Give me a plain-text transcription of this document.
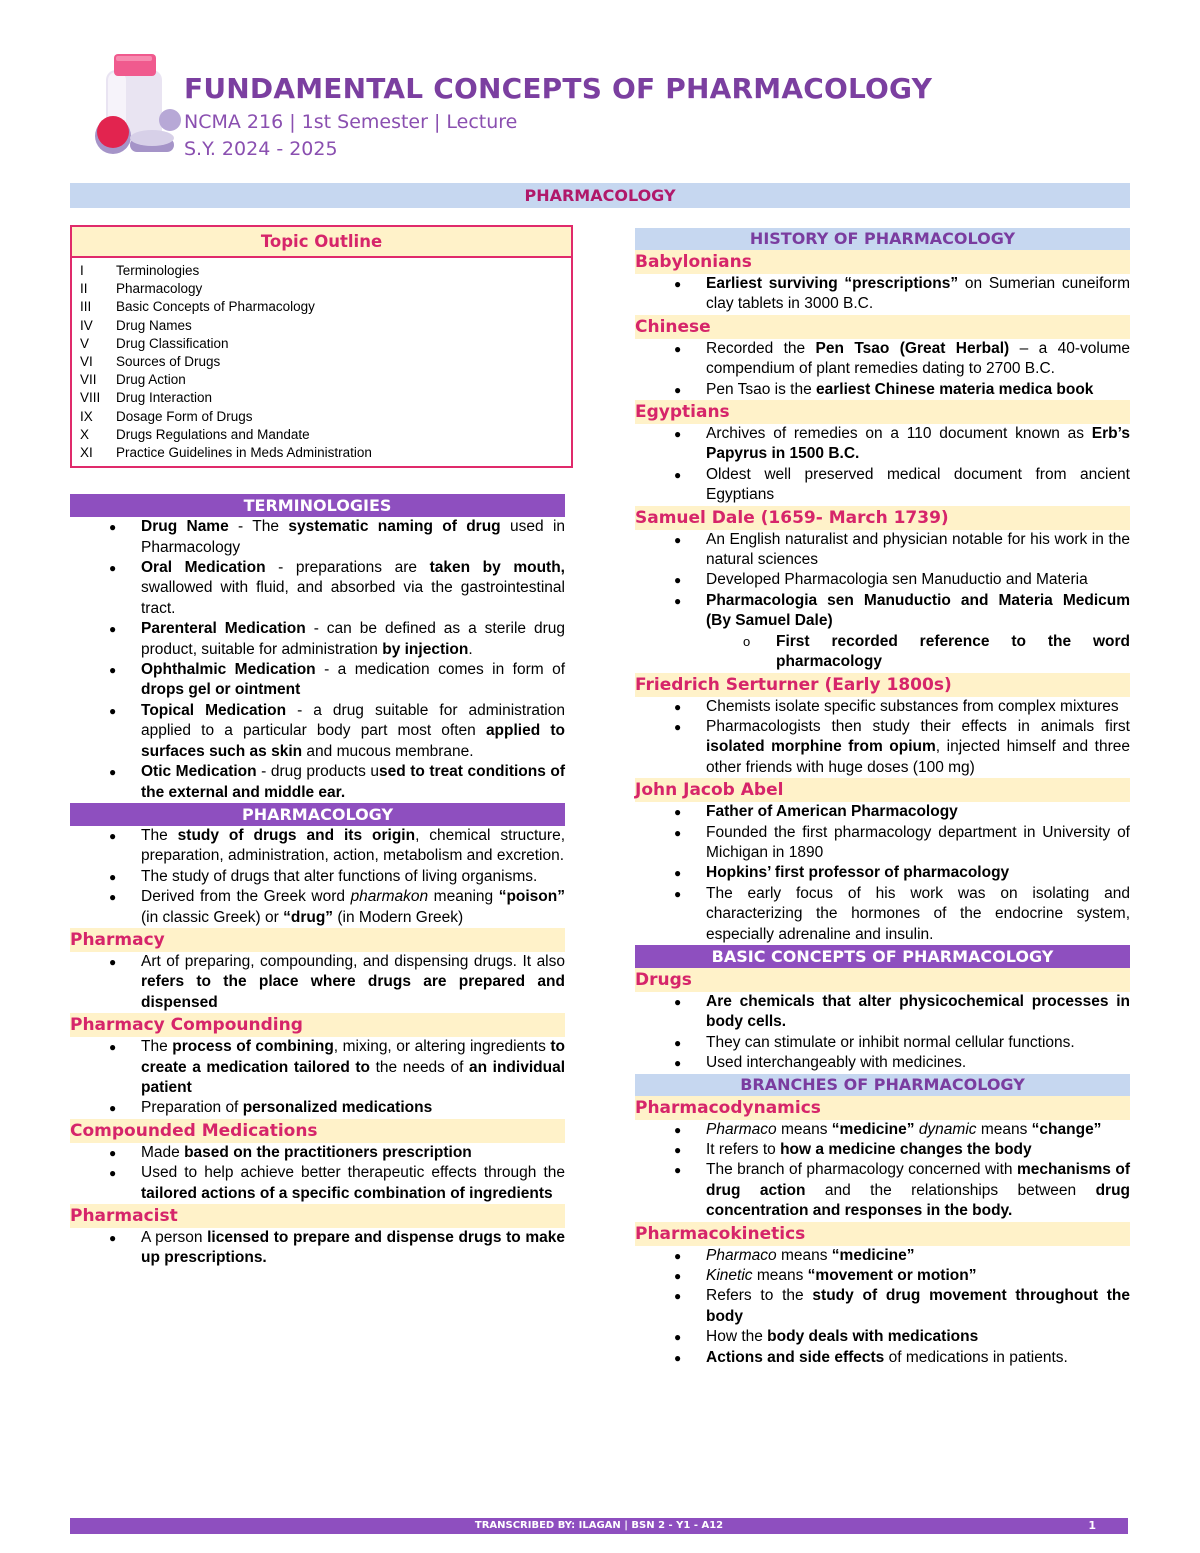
FUNDAMENTAL CONCEPTS OF PHARMACOLOGY
NCMA 216 | 1st Semester | Lecture
S.Y. 2024 - 2025
PHARMACOLOGY
Topic Outline
I	Terminologies
II	Pharmacology
III	Basic Concepts of Pharmacology
IV	Drug Names
V	Drug Classification
VI	Sources of Drugs
VII	Drug Action
VIII	Drug Interaction
IX	Dosage Form of Drugs
X	Drugs Regulations and Mandate
XI	Practice Guidelines in Meds Administration
TERMINOLOGIES
● Drug Name - The systematic naming of drug used in Pharmacology
● Oral Medication - preparations are taken by mouth, swallowed with fluid, and absorbed via the gastrointestinal tract.
● Parenteral Medication - can be defined as a sterile drug product, suitable for administration by injection.
● Ophthalmic Medication - a medication comes in form of drops gel or ointment
● Topical Medication - a drug suitable for administration applied to a particular body part most often applied to surfaces such as skin and mucous membrane.
● Otic Medication - drug products used to treat conditions of the external and middle ear.
PHARMACOLOGY
● The study of drugs and its origin, chemical structure, preparation, administration, action, metabolism and excretion.
● The study of drugs that alter functions of living organisms.
● Derived from the Greek word pharmakon meaning “poison” (in classic Greek) or “drug” (in Modern Greek)
Pharmacy
● Art of preparing, compounding, and dispensing drugs. It also refers to the place where drugs are prepared and dispensed
Pharmacy Compounding
● The process of combining, mixing, or altering ingredients to create a medication tailored to the needs of an individual patient
● Preparation of personalized medications
Compounded Medications
● Made based on the practitioners prescription
● Used to help achieve better therapeutic effects through the tailored actions of a specific combination of ingredients
Pharmacist
● A person licensed to prepare and dispense drugs to make up prescriptions.
HISTORY OF PHARMACOLOGY
Babylonians
● Earliest surviving “prescriptions” on Sumerian cuneiform clay tablets in 3000 B.C.
Chinese
● Recorded the Pen Tsao (Great Herbal) – a 40-volume compendium of plant remedies dating to 2700 B.C.
● Pen Tsao is the earliest Chinese materia medica book
Egyptians
● Archives of remedies on a 110 document known as Erb’s Papyrus in 1500 B.C.
● Oldest well preserved medical document from ancient Egyptians
Samuel Dale (1659- March 1739)
● An English naturalist and physician notable for his work in the natural sciences
● Developed Pharmacologia sen Manuductio and Materia
● Pharmacologia sen Manuductio and Materia Medicum (By Samuel Dale)
ο First recorded reference to the word pharmacology
Friedrich Serturner (Early 1800s)
● Chemists isolate specific substances from complex mixtures
● Pharmacologists then study their effects in animals first isolated morphine from opium, injected himself and three other friends with huge doses (100 mg)
John Jacob Abel
● Father of American Pharmacology
● Founded the first pharmacology department in University of Michigan in 1890
● Hopkins’ first professor of pharmacology
● The early focus of his work was on isolating and characterizing the hormones of the endocrine system, especially adrenaline and insulin.
BASIC CONCEPTS OF PHARMACOLOGY
Drugs
● Are chemicals that alter physicochemical processes in body cells.
● They can stimulate or inhibit normal cellular functions.
● Used interchangeably with medicines.
BRANCHES OF PHARMACOLOGY
Pharmacodynamics
● Pharmaco means “medicine” dynamic means “change”
● It refers to how a medicine changes the body
● The branch of pharmacology concerned with mechanisms of drug action and the relationships between drug concentration and responses in the body.
Pharmacokinetics
● Pharmaco means “medicine”
● Kinetic means “movement or motion”
● Refers to the study of drug movement throughout the body
● How the body deals with medications
● Actions and side effects of medications in patients.
TRANSCRIBED BY: ILAGAN | BSN 2 - Y1 - A12	1
